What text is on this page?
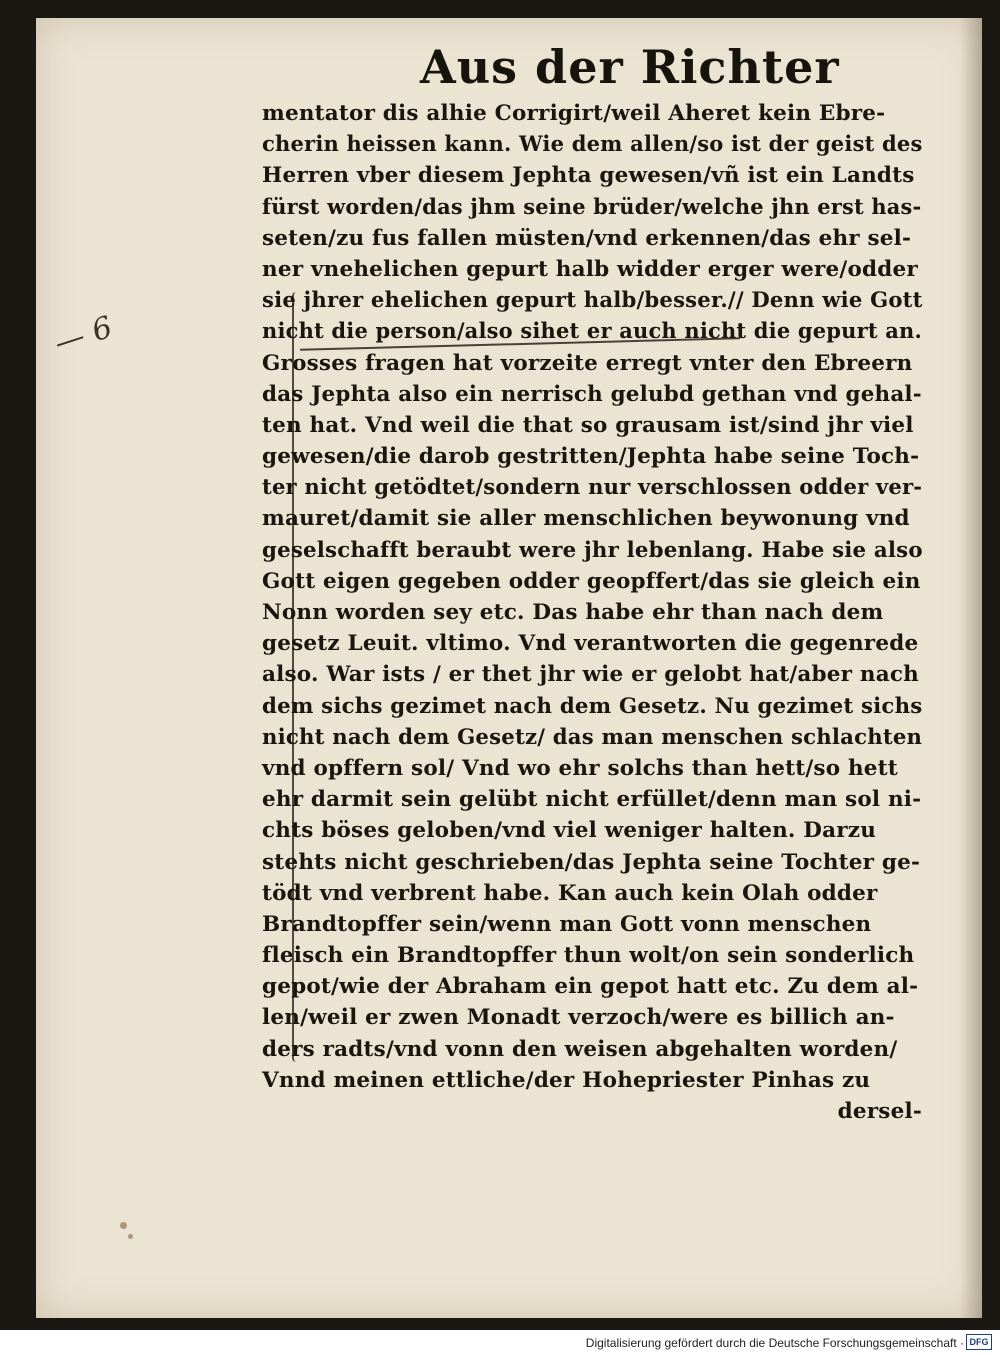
Aus der Richter
— 6
mentator dis alhie Corrigirt/weil Aheret kein Ebre‐
cherin heissen kann. Wie dem allen/so ist der geist des
Herren vber diesem Jephta gewesen/vñ ist ein Landts
fürst worden/das jhm seine brüder/welche jhn erst has‐
seten/zu fus fallen müsten/vnd erkennen/das ehr sel‐
ner vnehelichen gepurt halb widder erger were/odder
sie jhrer ehelichen gepurt halb/besser.// Denn wie Gott
nicht die person/also sihet er auch nicht die gepurt an.
Grosses fragen hat vorzeite erregt vnter den Ebreern
das Jephta also ein nerrisch gelubd gethan vnd gehal‐
ten hat. Vnd weil die that so grausam ist/sind jhr viel
gewesen/die darob gestritten/Jephta habe seine Toch‐
ter nicht getödtet/sondern nur verschlossen odder ver‐
mauret/damit sie aller menschlichen beywonung vnd
geselschafft beraubt were jhr lebenlang. Habe sie also
Gott eigen gegeben odder geopffert/das sie gleich ein
Nonn worden sey etc. Das habe ehr than nach dem
gesetz Leuit. vltimo. Vnd verantworten die gegenrede
also. War ists / er thet jhr wie er gelobt hat/aber nach
dem sichs gezimet nach dem Gesetz. Nu gezimet sichs
nicht nach dem Gesetz/ das man menschen schlachten
vnd opffern sol/ Vnd wo ehr solchs than hett/so hett
ehr darmit sein gelübt nicht erfüllet/denn man sol ni‐
chts böses geloben/vnd viel weniger halten. Darzu
stehts nicht geschrieben/das Jephta seine Tochter ge‐
tödt vnd verbrent habe. Kan auch kein Olah odder
Brandtopffer sein/wenn man Gott vonn menschen
fleisch ein Brandtopffer thun wolt/on sein sonderlich
gepot/wie der Abraham ein gepot hatt etc. Zu dem al‐
len/weil er zwen Monadt verzoch/were es billich an‐
ders radts/vnd vonn den weisen abgehalten worden/
Vnnd meinen ettliche/der Hohepriester Pinhas zu
dersel‐
Digitalisierung gefördert durch die Deutsche Forschungsgemeinschaft · DFG
